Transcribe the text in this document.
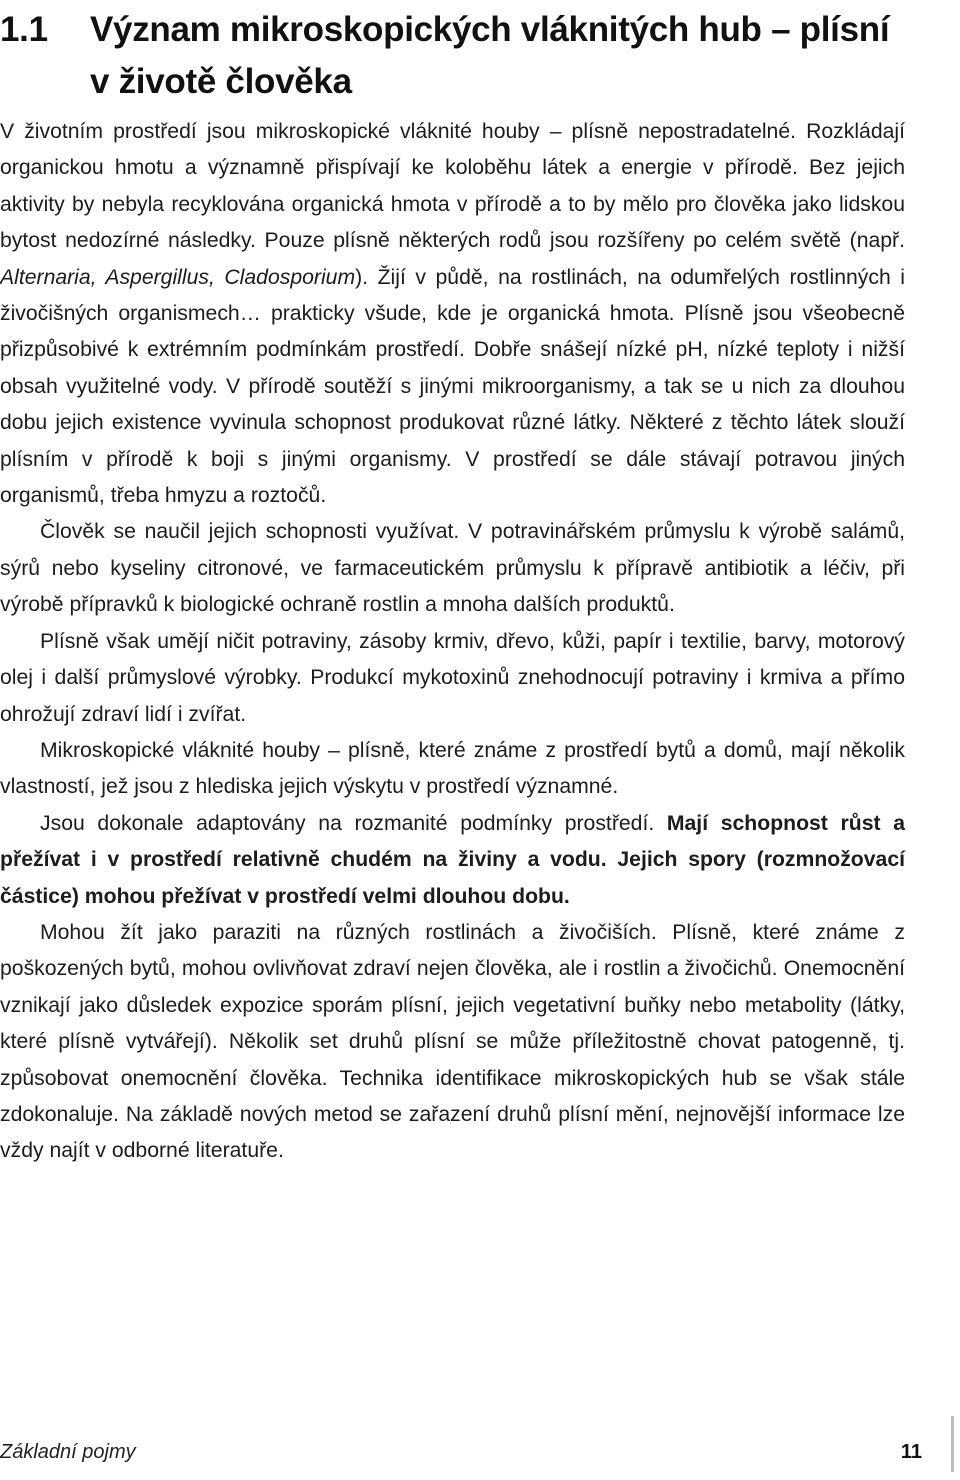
1.1 Význam mikroskopických vláknitých hub – plísní
v životě člověka

V životním prostředí jsou mikroskopické vláknité houby – plísně nepostradatelné. Rozkládají organickou hmotu a významně přispívají ke koloběhu látek a energie v přírodě. Bez jejich aktivity by nebyla recyklována organická hmota v přírodě a to by mělo pro člověka jako lidskou bytost nedozírné následky. Pouze plísně některých rodů jsou rozšířeny po celém světě (např. Alternaria, Aspergillus, Cladosporium). Žijí v půdě, na rostlinách, na odumřelých rostlinných i živočišných organismech… prakticky všude, kde je organická hmota. Plísně jsou všeobecně přizpůsobivé k extrémním podmínkám prostředí. Dobře snášejí nízké pH, nízké teploty i nižší obsah využitelné vody. V přírodě soutěží s jinými mikroorganismy, a tak se u nich za dlouhou dobu jejich existence vyvinula schopnost produkovat různé látky. Některé z těchto látek slouží plísním v přírodě k boji s jinými organismy. V prostředí se dále stávají potravou jiných organismů, třeba hmyzu a roztočů.

Člověk se naučil jejich schopnosti využívat. V potravinářském průmyslu k výrobě salámů, sýrů nebo kyseliny citronové, ve farmaceutickém průmyslu k přípravě antibiotik a léčiv, při výrobě přípravků k biologické ochraně rostlin a mnoha dalších produktů.

Plísně však umějí ničit potraviny, zásoby krmiv, dřevo, kůži, papír i textilie, barvy, motorový olej i další průmyslové výrobky. Produkcí mykotoxinů znehodnocují potraviny i krmiva a přímo ohrožují zdraví lidí i zvířat.

Mikroskopické vláknité houby – plísně, které známe z prostředí bytů a domů, mají několik vlastností, jež jsou z hlediska jejich výskytu v prostředí významné.

Jsou dokonale adaptovány na rozmanité podmínky prostředí. Mají schopnost růst a přežívat i v prostředí relativně chudém na živiny a vodu. Jejich spory (rozmnožovací částice) mohou přežívat v prostředí velmi dlouhou dobu.

Mohou žít jako paraziti na různých rostlinách a živočiších. Plísně, které známe z poškozených bytů, mohou ovlivňovat zdraví nejen člověka, ale i rostlin a živočichů. Onemocnění vznikají jako důsledek expozice sporám plísní, jejich vegetativní buňky nebo metabolity (látky, které plísně vytvářejí). Několik set druhů plísní se může příležitostně chovat patogenně, tj. způsobovat onemocnění člověka. Technika identifikace mikroskopických hub se však stále zdokonaluje. Na základě nových metod se zařazení druhů plísní mění, nejnovější informace lze vždy najít v odborné literatuře.

Základní pojmy	11
